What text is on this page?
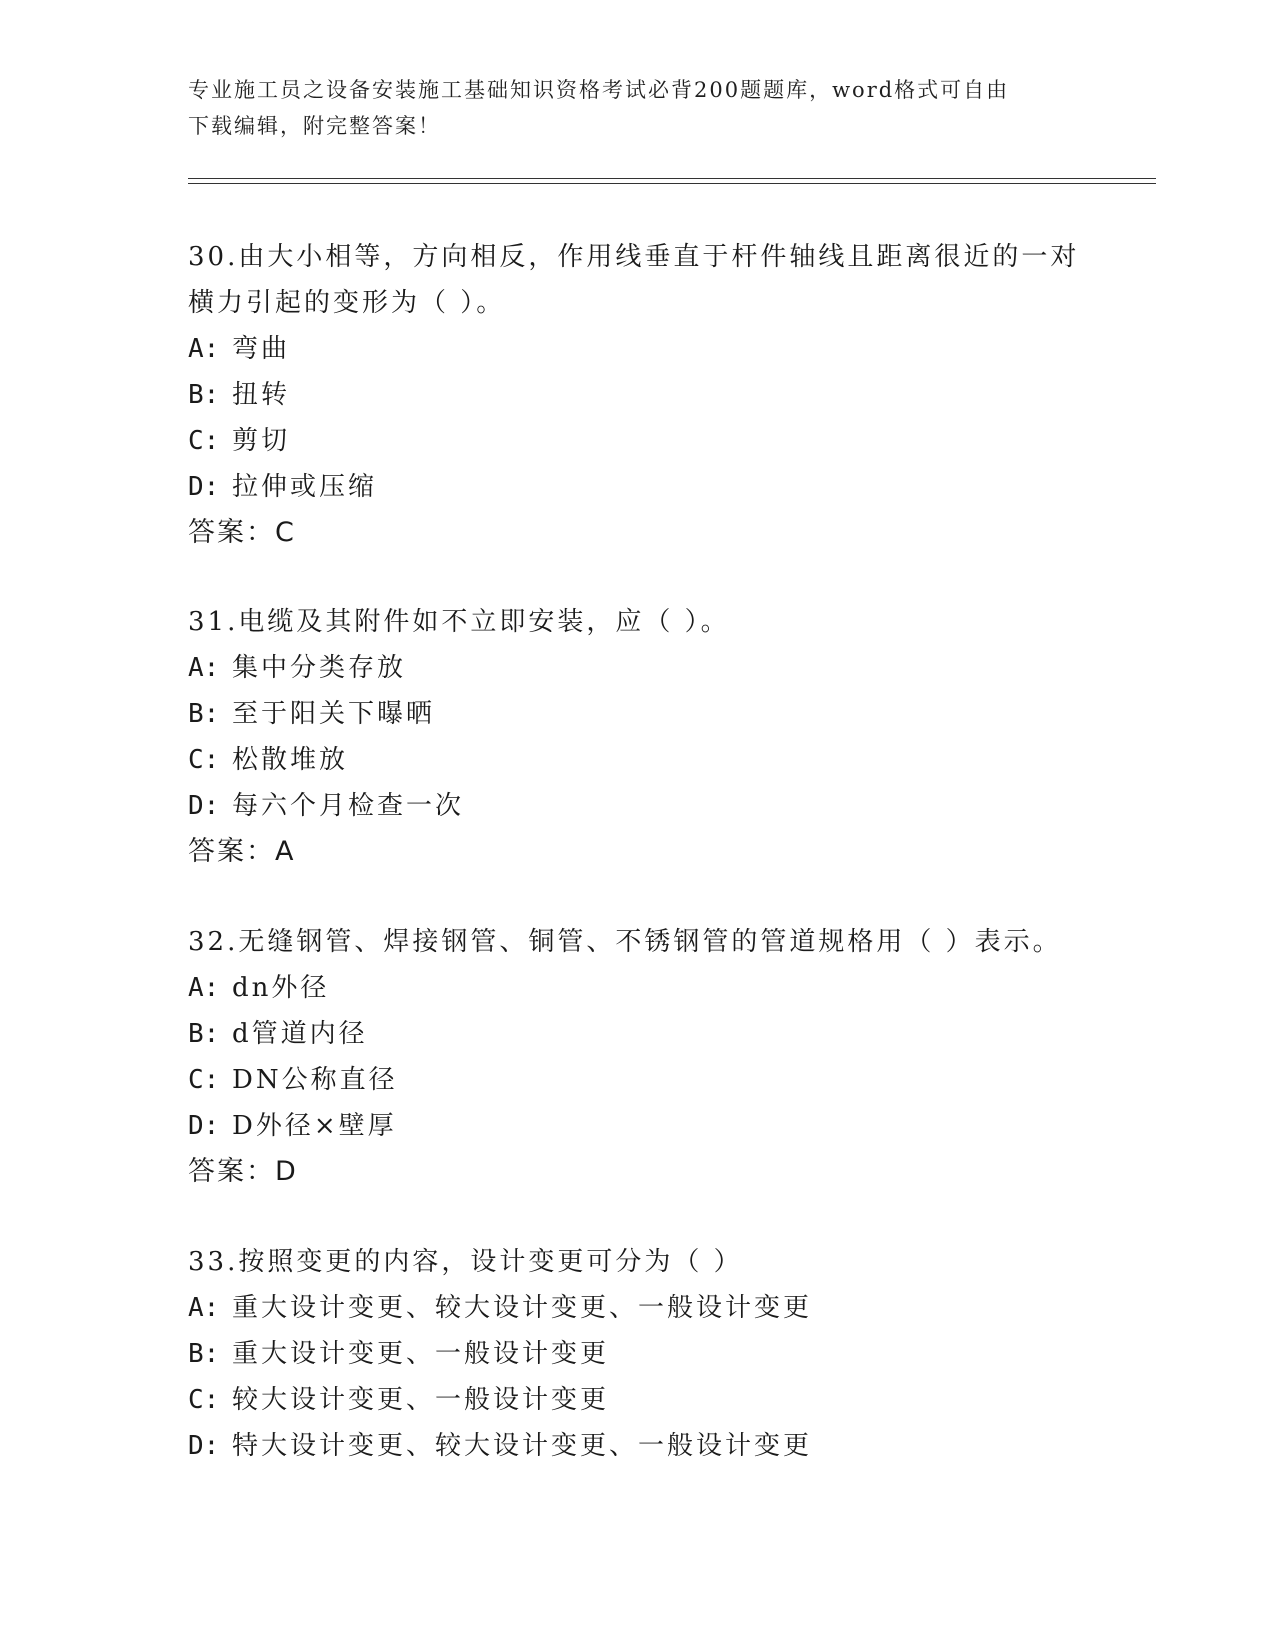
专业施工员之设备安装施工基础知识资格考试必背200题题库，word格式可自由
下载编辑，附完整答案！

30.由大小相等，方向相反，作用线垂直于杆件轴线且距离很近的一对

横力引起的变形为（ ）。

A: 弯曲

B: 扭转

C: 剪切

D: 拉伸或压缩

答案：C

31.电缆及其附件如不立即安装，应（ ）。

A: 集中分类存放

B: 至于阳关下曝晒

C: 松散堆放

D: 每六个月检查一次

答案：A

32.无缝钢管、焊接钢管、铜管、不锈钢管的管道规格用（ ）表示。

A: dn外径

B: d管道内径

C: DN公称直径

D: D外径×壁厚

答案：D

33.按照变更的内容，设计变更可分为（ ）

A: 重大设计变更、较大设计变更、一般设计变更

B: 重大设计变更、一般设计变更

C: 较大设计变更、一般设计变更

D: 特大设计变更、较大设计变更、一般设计变更
